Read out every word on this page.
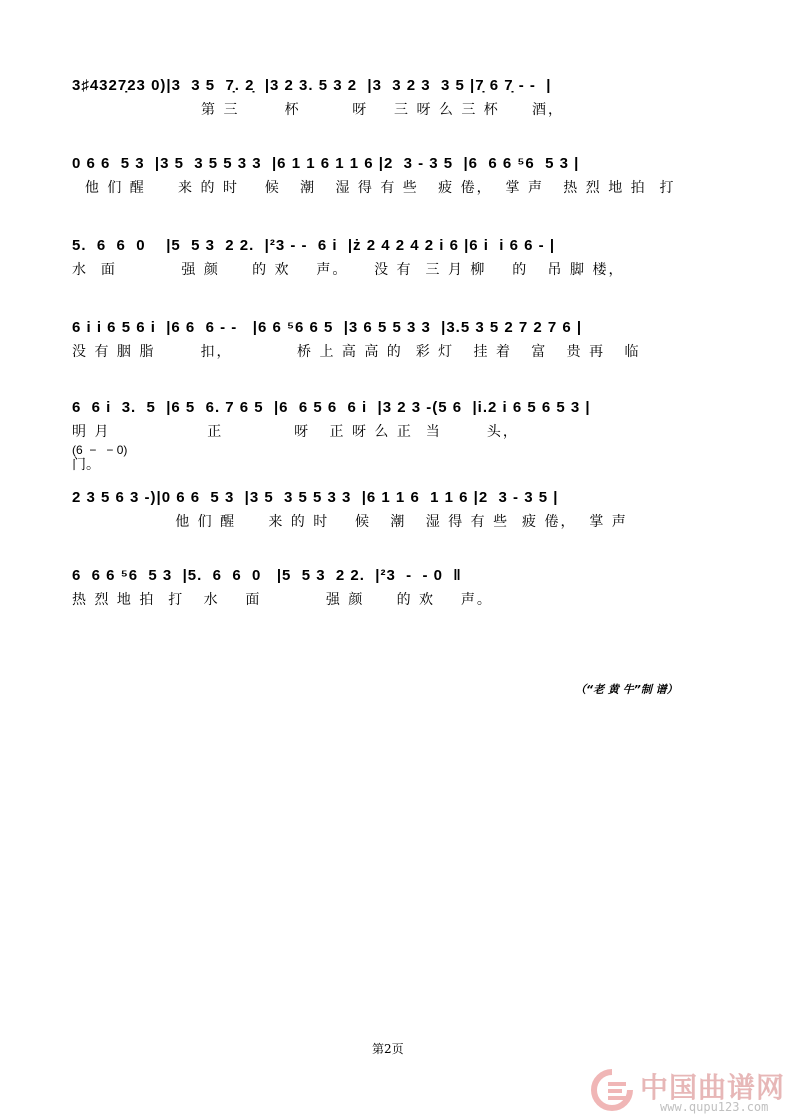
3♯4327̣23 0)|3  3 5  7̣. 2̣  |3 2 3. 5 3 2  |3  3 2 3  3 5 |7̣ 6 7̣ - -  |
第 三       杯        呀    三 呀 么 三 杯     酒，
0 6 6  5 3  |3 5  3 5 5 3 3  |6 1 1 6 1 1 6 |2  3 - 3 5  |6  6 6 ⁵6  5 3 |
他 们 醒     来 的 时    候   潮   湿 得 有 些   疲 倦，  掌 声   热 烈 地 拍  打
5.  6  6  0    |5  5 3  2 2.  |²3 - -  6 i  |ż 2 4 2 4 2 i 6 |6 i  i 6 6 - |
水  面          强 颜     的 欢    声。    没 有  三 月 柳    的   吊 脚 楼，
6 i i 6 5 6 i  |6 6  6 - -   |6 6 ⁵6 6 5  |3 6 5 5 3 3  |3.5 3 5 2 7 2 7 6 |
没 有 胭 脂       扣，          桥 上 高 高 的  彩 灯   挂 着   富   贵 再   临
6  6 i  3.  5  |6 5  6. 7 6 5  |6  6 5 6  6 i  |3 2 3 -(5 6  |i.2 i 6 5 6 5 3 |
明 月               正           呀   正 呀 么 正  当       头，
(6  −   − 0)
门。
2 3 5 6 3 -)|0 6 6  5 3  |3 5  3 5 5 3 3  |6 1 1 6  1 1 6 |2  3 - 3 5 |
他 们 醒     来 的 时    候   潮   湿 得 有 些  疲 倦，  掌 声
6  6 6 ⁵6  5 3  |5.  6  6  0   |5  5 3  2 2.  |²3  -  - 0  ‖
热 烈 地 拍  打   水    面          强 颜     的 欢    声。
（“老 黄 牛”制 谱）
第2页
中国曲谱网
www.qupu123.com
